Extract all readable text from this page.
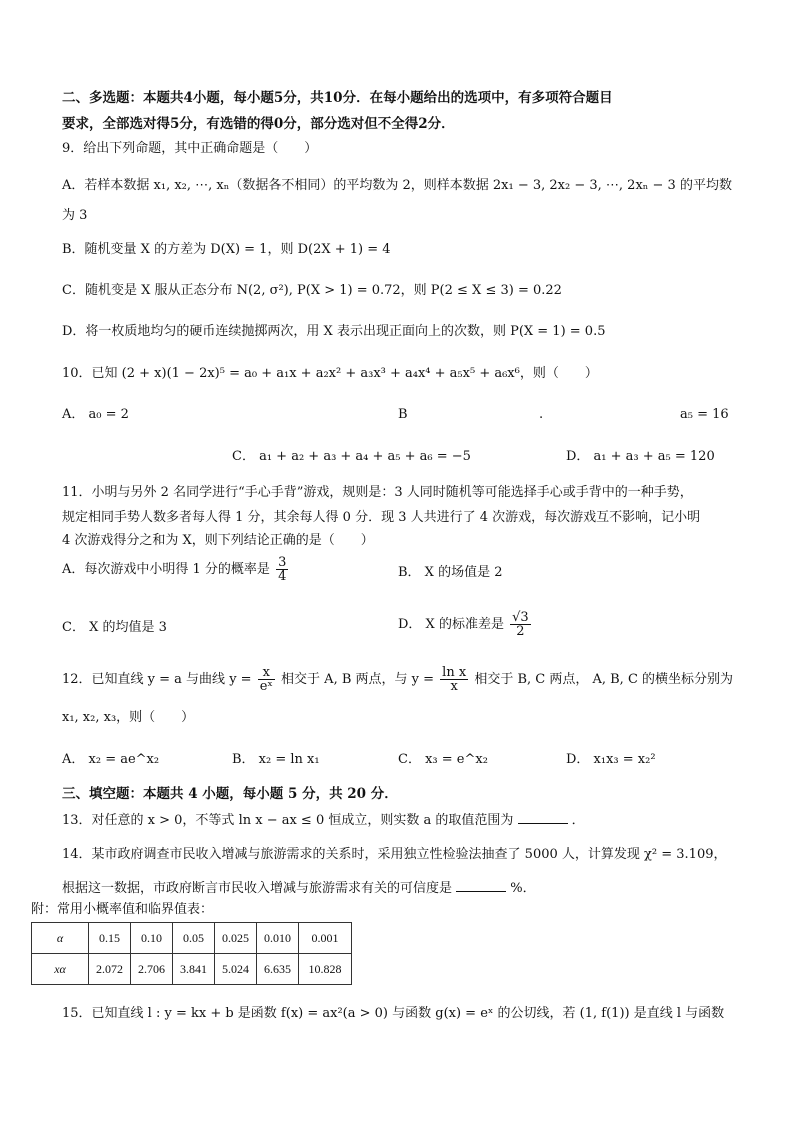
二、多选题：本题共4小题，每小题5分，共10分．在每小题给出的选项中，有多项符合题目
要求，全部选对得5分，有选错的得0分，部分选对但不全得2分．
9．给出下列命题，其中正确命题是（　　）
A．若样本数据 x₁, x₂, ⋯, xₙ（数据各不相同）的平均数为 2，则样本数据 2x₁ − 3, 2x₂ − 3, ⋯, 2xₙ − 3 的平均数
为 3
B．随机变量 X 的方差为 D(X) = 1，则 D(2X + 1) = 4
C．随机变是 X 服从正态分布 N(2, σ²), P(X > 1) = 0.72，则 P(2 ≤ X ≤ 3) = 0.22
D．将一枚质地均匀的硬币连续抛掷两次，用 X 表示出现正面向上的次数，则 P(X = 1) = 0.5
10．已知 (2 + x)(1 − 2x)⁵ = a₀ + a₁x + a₂x² + a₃x³ + a₄x⁴ + a₅x⁵ + a₆x⁶，则（　　）
A． a₀ = 2	B	.	a₅ = 16
C． a₁ + a₂ + a₃ + a₄ + a₅ + a₆ = −5	D． a₁ + a₃ + a₅ = 120
11．小明与另外 2 名同学进行“手心手背”游戏，规则是：3 人同时随机等可能选择手心或手背中的一种手势，
规定相同手势人数多者每人得 1 分，其余每人得 0 分．现 3 人共进行了 4 次游戏，每次游戏互不影响，记小明
4 次游戏得分之和为 X，则下列结论正确的是（　　）
A．每次游戏中小明得 1 分的概率是 $\frac{3}{4}$	B． X 的场值是 2
C． X 的均值是 3	D． X 的标准差是 $\frac{√3}{2}$
12．已知直线 y = a 与曲线 $y = \frac{x}{\text{eˣ}}$ 相交于 A, B 两点，与 $y = \frac{\text{ln x}}{x}$ 相交于 B, C 两点， A, B, C 的横坐标分别为
x₁, x₂, x₃，则（　　）
A． x₂ = ae^x₂	B． x₂ = ln x₁	C． x₃ = e^x₂	D． x₁x₃ = x₂²
三、填空题：本题共 4 小题，每小题 5 分，共 20 分．
13．对任意的 x > 0，不等式 ln x − ax ≤ 0 恒成立，则实数 a 的取值范围为	．
14．某市政府调查市民收入增减与旅游需求的关系时，采用独立性检验法抽查了 5000 人，计算发现 χ² = 3.109，
根据这一数据，市政府断言市民收入增减与旅游需求有关的可信度是	%．
附：常用小概率值和临界值表：
α	0.15	0.10	0.05	0.025	0.010	0.001
xα	2.072	2.706	3.841	5.024	6.635	10.828
15．已知直线 l : y = kx + b 是函数 f(x) = ax²(a > 0) 与函数 g(x) = eˣ 的公切线，若 (1, f(1)) 是直线 l 与函数
